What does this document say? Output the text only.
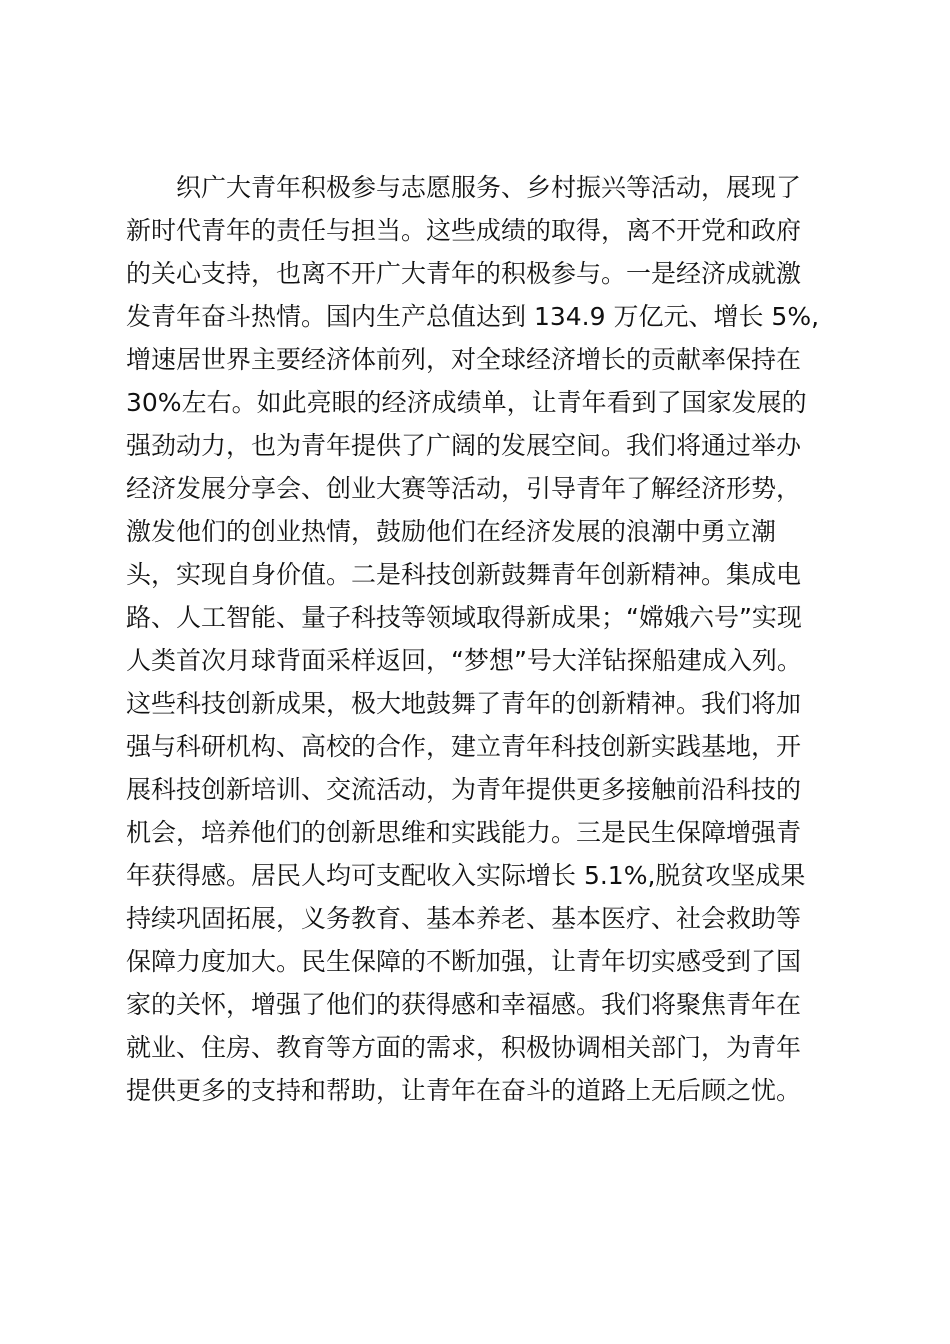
织广大青年积极参与志愿服务、乡村振兴等活动，展现了
新时代青年的责任与担当。这些成绩的取得，离不开党和政府
的关心支持，也离不开广大青年的积极参与。一是经济成就激
发青年奋斗热情。国内生产总值达到 134.9 万亿元、增长 5%,
增速居世界主要经济体前列，对全球经济增长的贡献率保持在
30%左右。如此亮眼的经济成绩单，让青年看到了国家发展的
强劲动力，也为青年提供了广阔的发展空间。我们将通过举办
经济发展分享会、创业大赛等活动，引导青年了解经济形势，
激发他们的创业热情，鼓励他们在经济发展的浪潮中勇立潮
头，实现自身价值。二是科技创新鼓舞青年创新精神。集成电
路、人工智能、量子科技等领域取得新成果；“嫦娥六号”实现
人类首次月球背面采样返回，“梦想”号大洋钻探船建成入列。
这些科技创新成果，极大地鼓舞了青年的创新精神。我们将加
强与科研机构、高校的合作，建立青年科技创新实践基地，开
展科技创新培训、交流活动，为青年提供更多接触前沿科技的
机会，培养他们的创新思维和实践能力。三是民生保障增强青
年获得感。居民人均可支配收入实际增长 5.1%,脱贫攻坚成果
持续巩固拓展，义务教育、基本养老、基本医疗、社会救助等
保障力度加大。民生保障的不断加强，让青年切实感受到了国
家的关怀，增强了他们的获得感和幸福感。我们将聚焦青年在
就业、住房、教育等方面的需求，积极协调相关部门，为青年
提供更多的支持和帮助，让青年在奋斗的道路上无后顾之忧。
